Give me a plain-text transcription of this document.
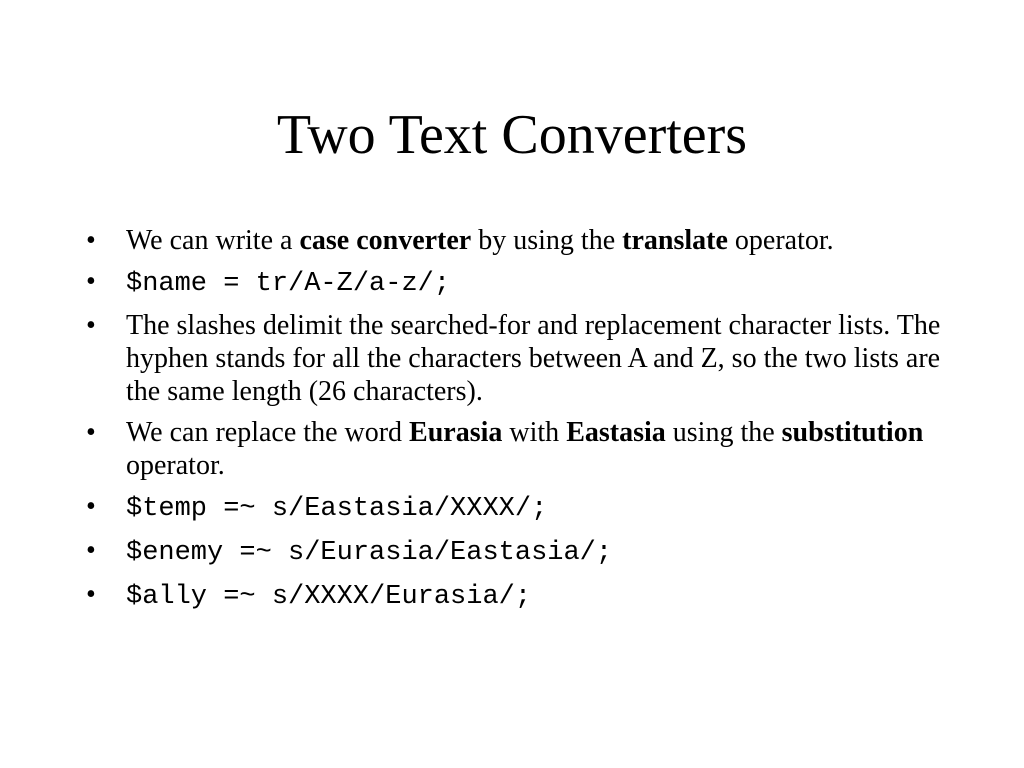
Two Text Converters
•	We can write a case converter by using the translate operator.
•	$name = tr/A-Z/a-z/;
•	The slashes delimit the searched-for and replacement character lists. The hyphen stands for all the characters between A and Z, so the two lists are the same length (26 characters).
•	We can replace the word Eurasia with Eastasia using the substitution operator.
•	$temp =~ s/Eastasia/XXXX/;
•	$enemy =~ s/Eurasia/Eastasia/;
•	$ally =~ s/XXXX/Eurasia/;
